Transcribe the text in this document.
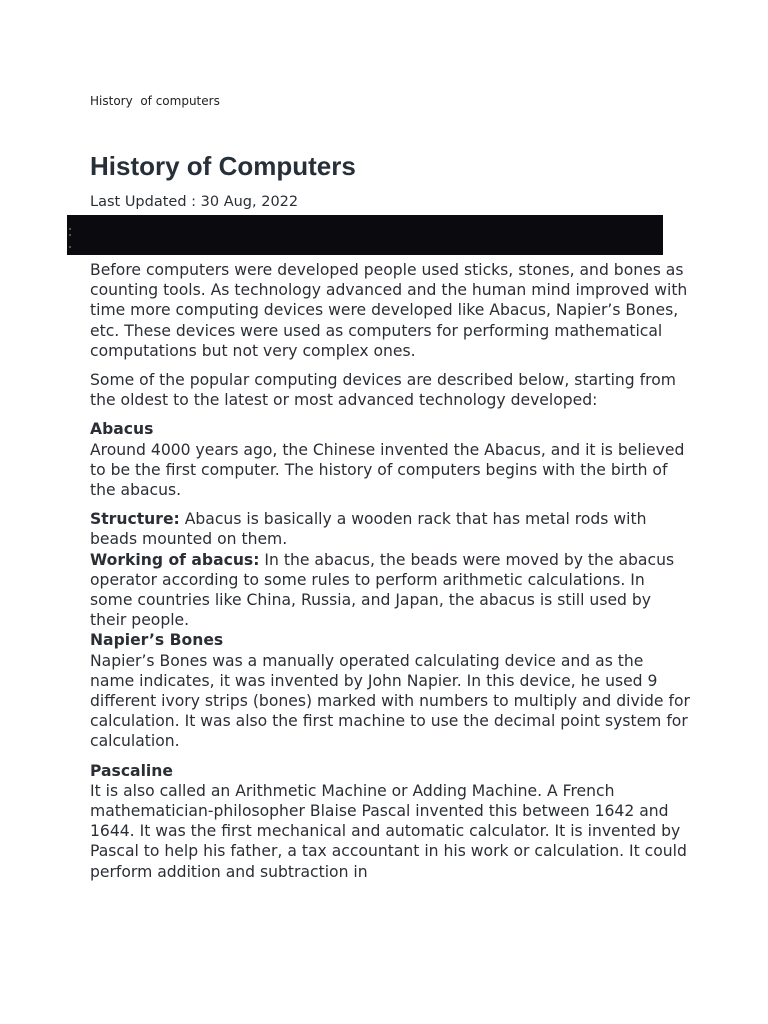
History  of computers
History of Computers
Last Updated : 30 Aug, 2022

Before computers were developed people used sticks, stones, and bones as counting tools. As technology advanced and the human mind improved with time more computing devices were developed like Abacus, Napier’s Bones, etc. These devices were used as computers for performing mathematical computations but not very complex ones.

Some of the popular computing devices are described below, starting from the oldest to the latest or most advanced technology developed:

Abacus

Around 4000 years ago, the Chinese invented the Abacus, and it is believed to be the first computer. The history of computers begins with the birth of the abacus.

Structure: Abacus is basically a wooden rack that has metal rods with beads mounted on them.

Working of abacus: In the abacus, the beads were moved by the abacus operator according to some rules to perform arithmetic calculations. In some countries like China, Russia, and Japan, the abacus is still used by their people.

Napier’s Bones

Napier’s Bones was a manually operated calculating device and as the name indicates, it was invented by John Napier. In this device, he used 9 different ivory strips (bones) marked with numbers to multiply and divide for calculation. It was also the first machine to use the decimal point system for calculation.

Pascaline

It is also called an Arithmetic Machine or Adding Machine. A French mathematician-philosopher Blaise Pascal invented this between 1642 and 1644. It was the first mechanical and automatic calculator. It is invented by Pascal to help his father, a tax accountant in his work or calculation. It could perform addition and subtraction in
